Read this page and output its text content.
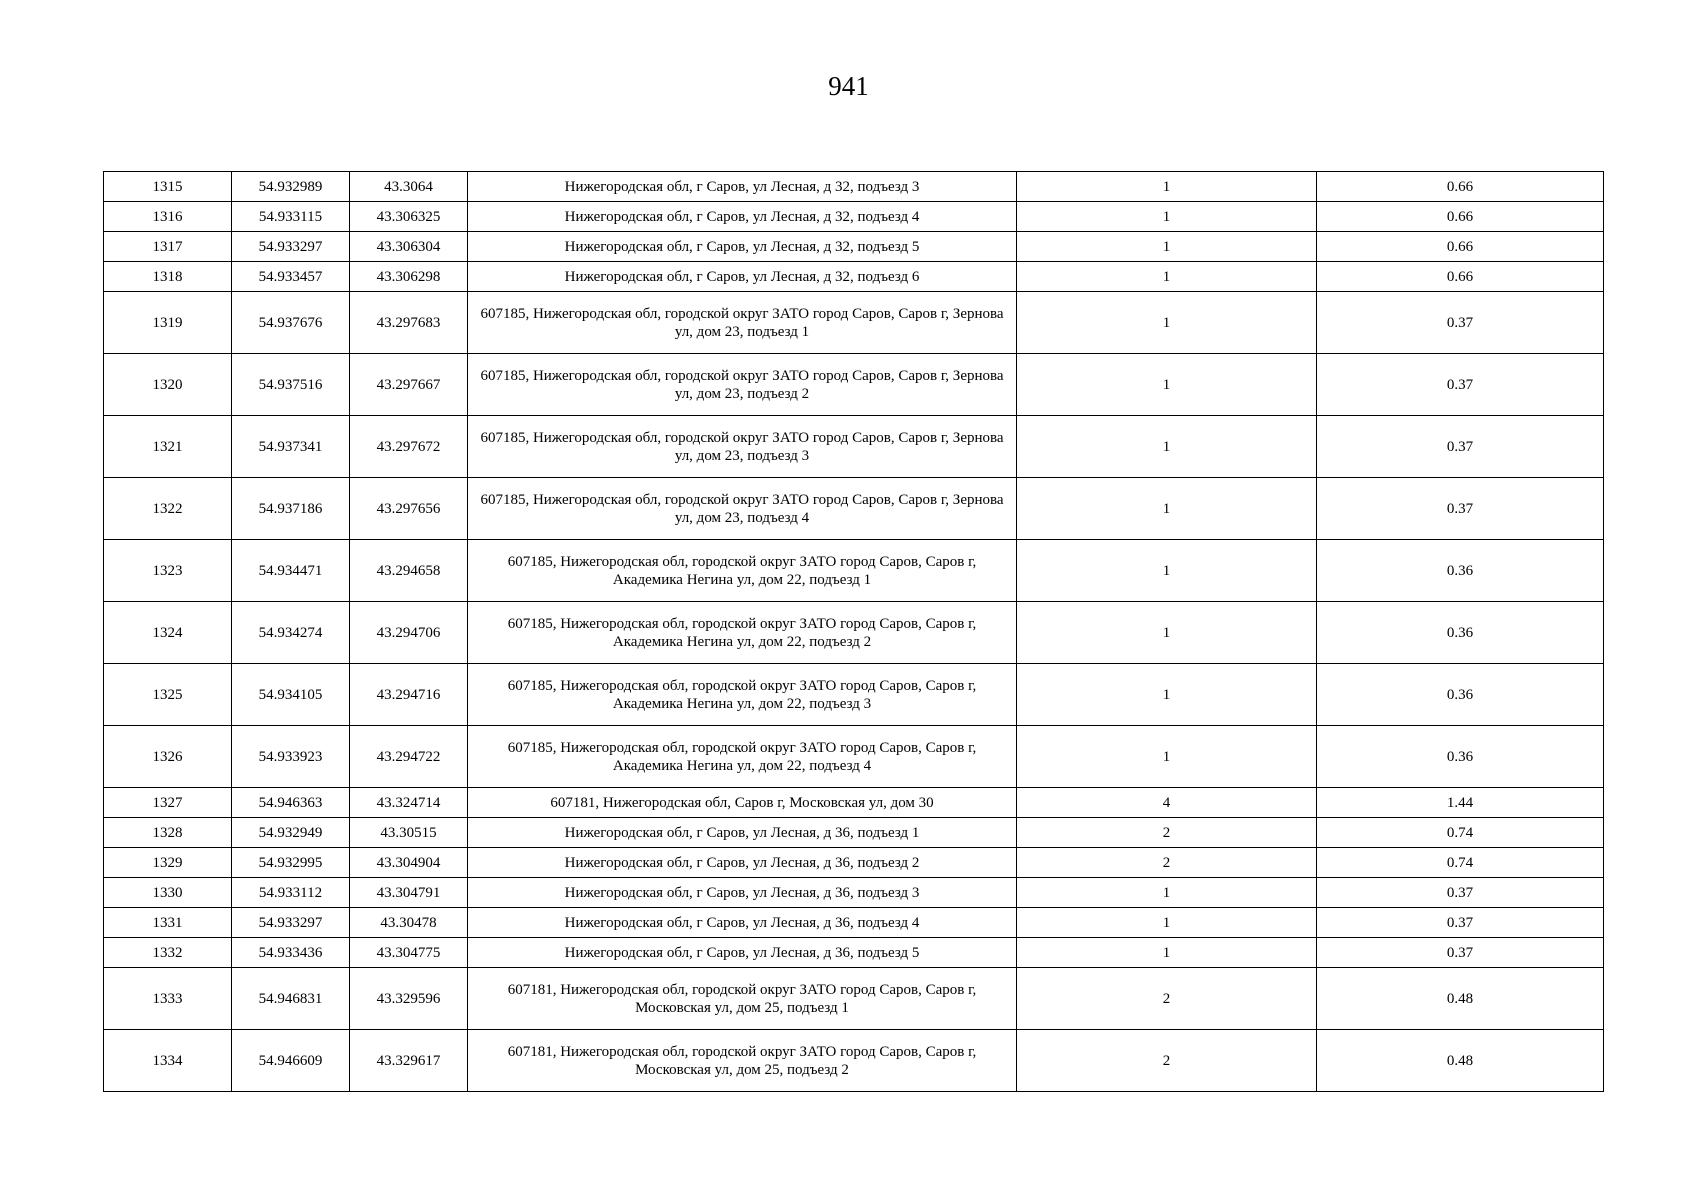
941
1315	54.932989	43.3064	Нижегородская обл, г Саров, ул Лесная, д 32, подъезд 3	1	0.66
1316	54.933115	43.306325	Нижегородская обл, г Саров, ул Лесная, д 32, подъезд 4	1	0.66
1317	54.933297	43.306304	Нижегородская обл, г Саров, ул Лесная, д 32, подъезд 5	1	0.66
1318	54.933457	43.306298	Нижегородская обл, г Саров, ул Лесная, д 32, подъезд 6	1	0.66
1319	54.937676	43.297683	607185, Нижегородская обл, городской округ ЗАТО город Саров, Саров г, Зернова ул, дом 23, подъезд 1	1	0.37
1320	54.937516	43.297667	607185, Нижегородская обл, городской округ ЗАТО город Саров, Саров г, Зернова ул, дом 23, подъезд 2	1	0.37
1321	54.937341	43.297672	607185, Нижегородская обл, городской округ ЗАТО город Саров, Саров г, Зернова ул, дом 23, подъезд 3	1	0.37
1322	54.937186	43.297656	607185, Нижегородская обл, городской округ ЗАТО город Саров, Саров г, Зернова ул, дом 23, подъезд 4	1	0.37
1323	54.934471	43.294658	607185, Нижегородская обл, городской округ ЗАТО город Саров, Саров г, Академика Негина ул, дом 22, подъезд 1	1	0.36
1324	54.934274	43.294706	607185, Нижегородская обл, городской округ ЗАТО город Саров, Саров г, Академика Негина ул, дом 22, подъезд 2	1	0.36
1325	54.934105	43.294716	607185, Нижегородская обл, городской округ ЗАТО город Саров, Саров г, Академика Негина ул, дом 22, подъезд 3	1	0.36
1326	54.933923	43.294722	607185, Нижегородская обл, городской округ ЗАТО город Саров, Саров г, Академика Негина ул, дом 22, подъезд 4	1	0.36
1327	54.946363	43.324714	607181, Нижегородская обл, Саров г, Московская ул, дом 30	4	1.44
1328	54.932949	43.30515	Нижегородская обл, г Саров, ул Лесная, д 36, подъезд 1	2	0.74
1329	54.932995	43.304904	Нижегородская обл, г Саров, ул Лесная, д 36, подъезд 2	2	0.74
1330	54.933112	43.304791	Нижегородская обл, г Саров, ул Лесная, д 36, подъезд 3	1	0.37
1331	54.933297	43.30478	Нижегородская обл, г Саров, ул Лесная, д 36, подъезд 4	1	0.37
1332	54.933436	43.304775	Нижегородская обл, г Саров, ул Лесная, д 36, подъезд 5	1	0.37
1333	54.946831	43.329596	607181, Нижегородская обл, городской округ ЗАТО город Саров, Саров г, Московская ул, дом 25, подъезд 1	2	0.48
1334	54.946609	43.329617	607181, Нижегородская обл, городской округ ЗАТО город Саров, Саров г, Московская ул, дом 25, подъезд 2	2	0.48
